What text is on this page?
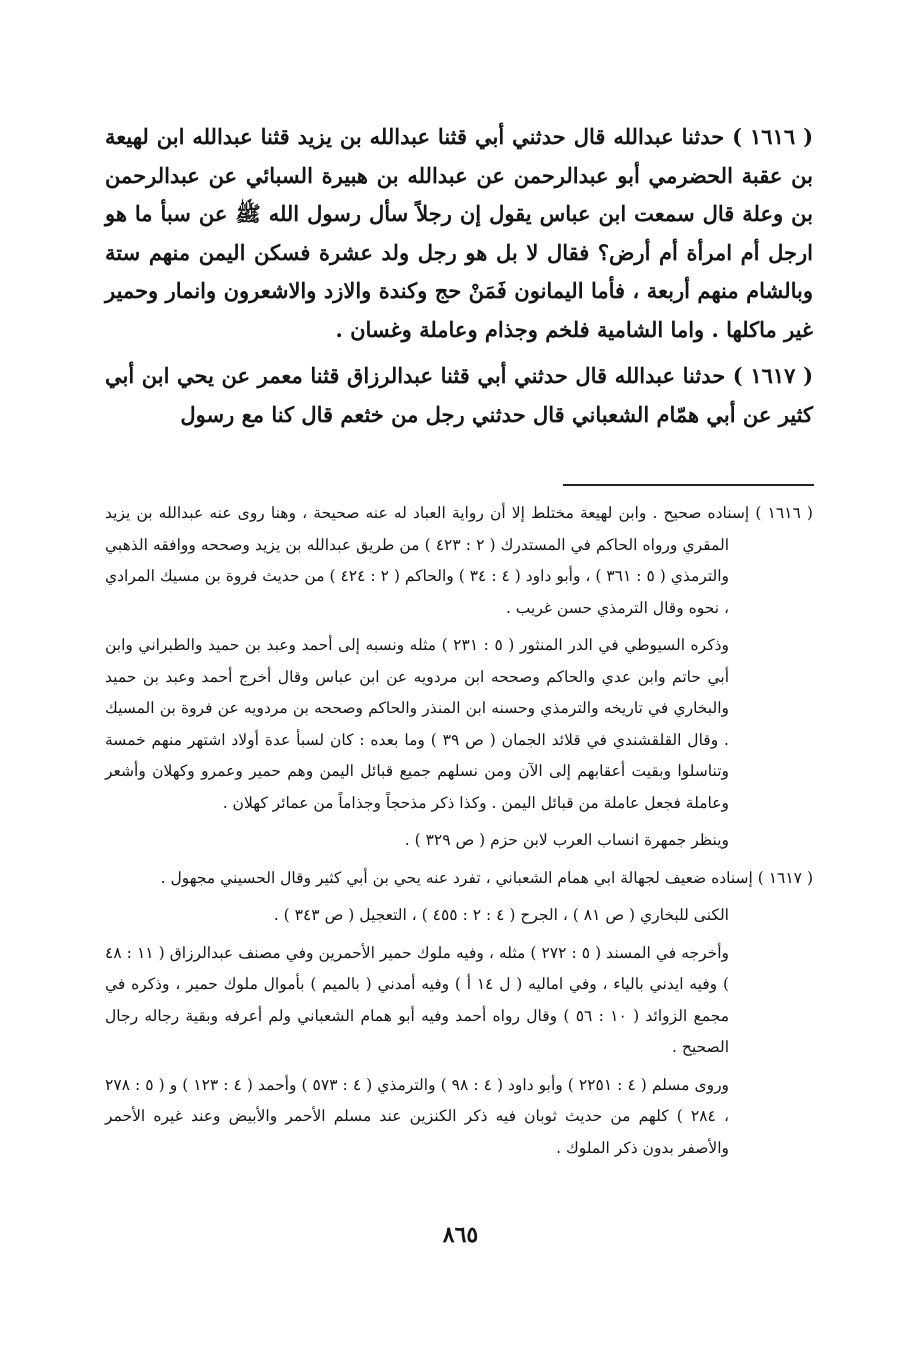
( ١٦١٦ ) حدثنا عبدالله قال حدثني أبي قثنا عبدالله بن يزيد قثنا عبدالله ابن لهيعة بن عقبة الحضرمي أبو عبدالرحمن عن عبدالله بن هبيرة السبائي عن عبدالرحمن بن وعلة قال سمعت ابن عباس يقول إن رجلاً سأل رسول الله ﷺ عن سبأ ما هو ارجل أم امرأة أم أرض؟ فقال لا بل هو رجل ولد عشرة فسكن اليمن منهم ستة وبالشام منهم أربعة ، فأما اليمانون فَمَنْ حج وكندة والازد والاشعرون وانمار وحمير غير ماكلها . واما الشامية فلخم وجذام وعاملة وغسان .

( ١٦١٧ ) حدثنا عبدالله قال حدثني أبي قثنا عبدالرزاق قثنا معمر عن يحي ابن أبي كثير عن أبي همّام الشعباني قال حدثني رجل من خثعم قال كنا مع رسول

( ١٦١٦ ) إسناده صحيح . وابن لهيعة مختلط إلا أن رواية العباد له عنه صحيحة ، وهنا روى عنه عبدالله بن يزيد المقري ورواه الحاكم في المستدرك ( ٢ : ٤٢٣ ) من طريق عبدالله بن يزيد وصححه ووافقه الذهبي والترمذي ( ٥ : ٣٦١ ) ، وأبو داود ( ٤ : ٣٤ ) والحاكم ( ٢ : ٤٢٤ ) من حديث فروة بن مسيك المرادي ، نحوه وقال الترمذي حسن غريب .

وذكره السيوطي في الدر المنثور ( ٥ : ٢٣١ ) مثله ونسبه إلى أحمد وعبد بن حميد والطبراني وابن أبي حاتم وابن عدي والحاكم وصححه ابن مردويه عن ابن عباس وقال أخرج أحمد وعبد بن حميد والبخاري في تاريخه والترمذي وحسنه ابن المنذر والحاكم وصححه بن مردويه عن فروة بن المسيك . وقال القلقشندي في قلائد الجمان ( ص ٣٩ ) وما بعده : كان لسبأ عدة أولاد اشتهر منهم خمسة وتناسلوا وبقيت أعقابهم إلى الآن ومن نسلهم جميع قبائل اليمن وهم حمير وعمرو وكهلان وأشعر وعاملة فجعل عاملة من قبائل اليمن . وكذا ذكر مذحجاً وجذاماً من عمائر كهلان .

وينظر جمهرة انساب العرب لابن حزم ( ص ٣٢٩ ) .

( ١٦١٧ ) إسناده ضعيف لجهالة ابي همام الشعباني ، تفرد عنه يحي بن أبي كثير وقال الحسيني مجهول .

الكنى للبخاري ( ص ٨١ ) ، الجرح ( ٤ : ٢ : ٤٥٥ ) ، التعجيل ( ص ٣٤٣ ) .

وأخرجه في المسند ( ٥ : ٢٧٢ ) مثله ، وفيه ملوك حمير الأحمرين وفي مصنف عبدالرزاق ( ١١ : ٤٨ ) وفيه ايدني بالياء ، وفي اماليه ( ل ١٤ أ ) وفيه أمدني ( بالميم ) بأموال ملوك حمير ، وذكره في مجمع الزوائد ( ١٠ : ٥٦ ) وقال رواه أحمد وفيه أبو همام الشعباني ولم أعرفه وبقية رجاله رجال الصحيح .

وروى مسلم ( ٤ : ٢٢٥١ ) وأبو داود ( ٤ : ٩٨ ) والترمذي ( ٤ : ٥٧٣ ) وأحمد ( ٤ : ١٢٣ ) و ( ٥ : ٢٧٨ ، ٢٨٤ ) كلهم من حديث ثوبان فيه ذكر الكنزين عند مسلم الأحمر والأبيض وعند غيره الأحمر والأصفر بدون ذكر الملوك .

٨٦٥
